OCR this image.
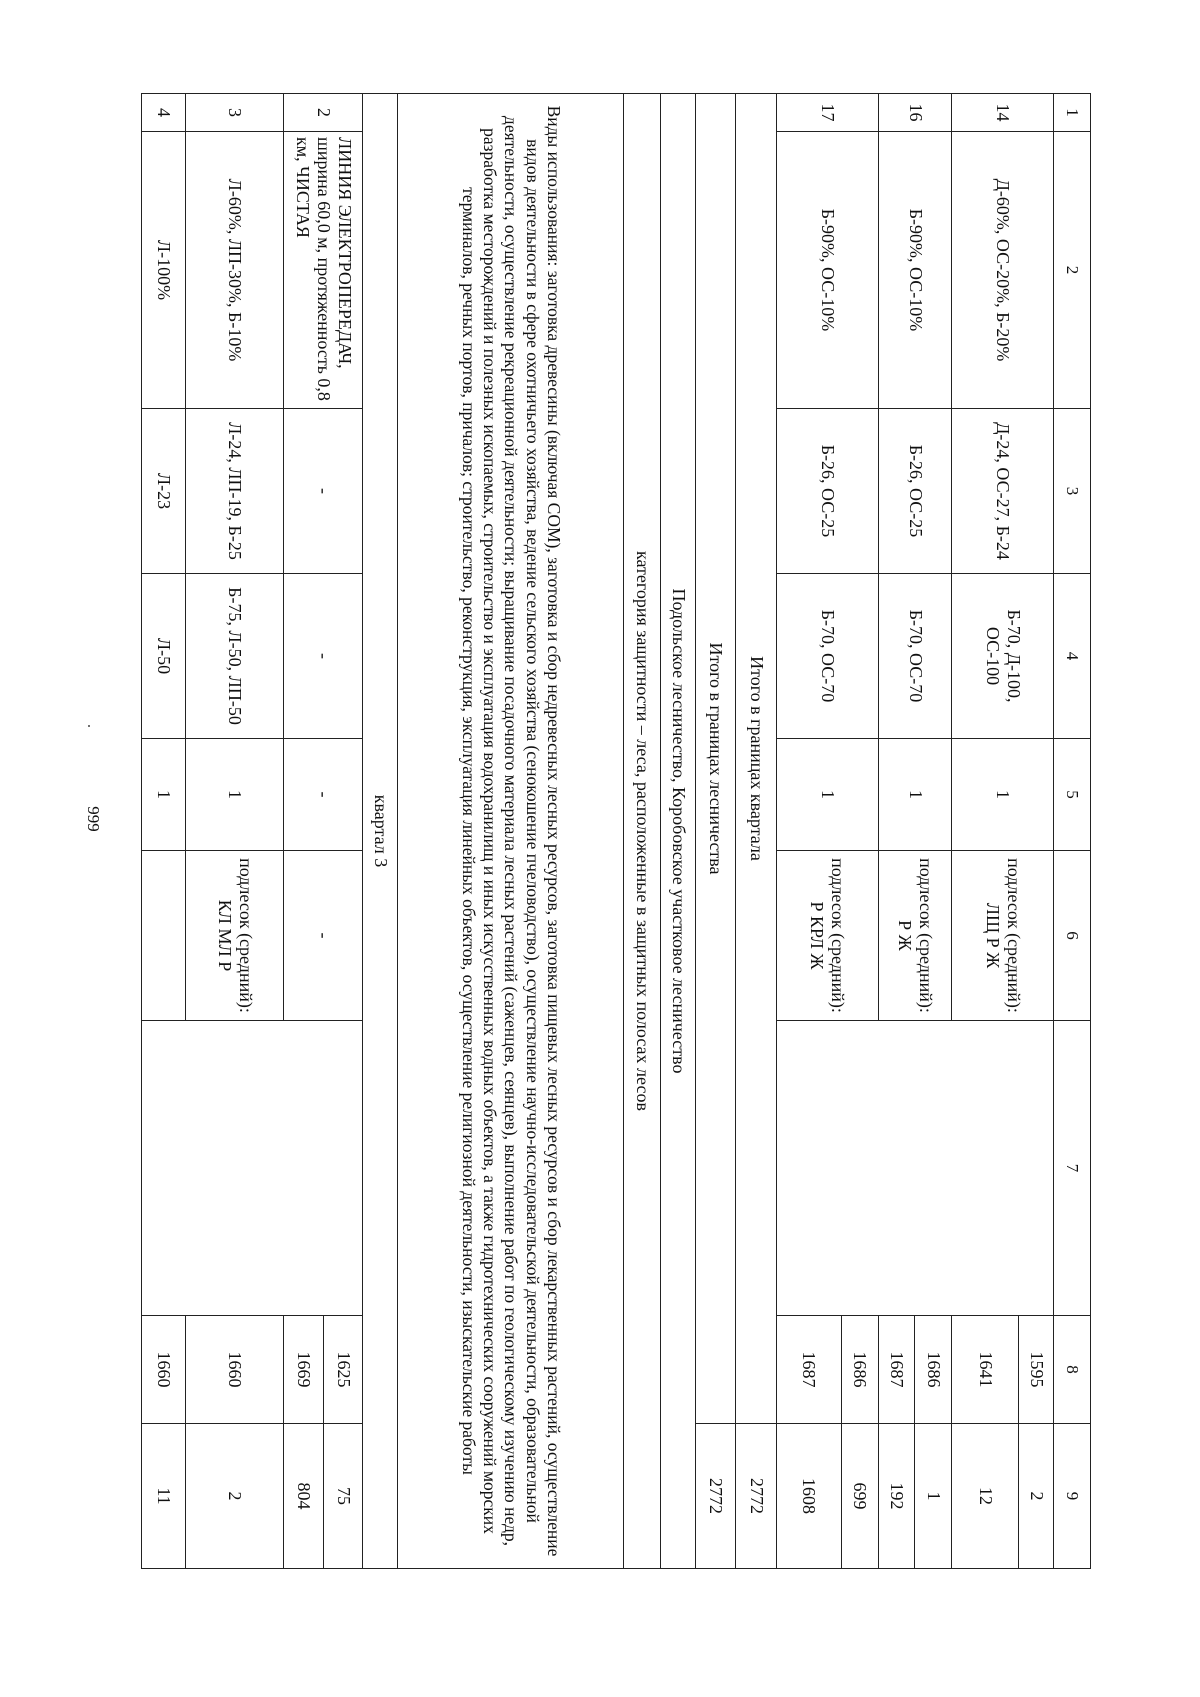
999
1	2	3	4	5	6	7	8	9
14	Д-60%, ОС-20%, Б-20%	Д-24, ОС-27, Б-24	Б-70, Д-100, ОС-100	1	подлесок (средний): ЛЩ Р Ж		1595	2
							1641	12
16	Б-90%, ОС-10%	Б-26, ОС-25	Б-70, ОС-70	1	подлесок (средний): Р Ж		1686	1
							1687	192
17	Б-90%, ОС-10%	Б-26, ОС-25	Б-70, ОС-70	1	подлесок (средний): Р КРЛ Ж		1686	699
							1687	1608
Итого в границах квартала								2772
Итого в границах лесничества								2772
Подольское лесничество, Коробовское участковое лесничество								
категория защитности – леса, расположенные в защитных полосах лесов								
Виды использования: заготовка древесины (включая СОМ), заготовка и сбор недревесных лесных ресурсов, заготовка пищевых лесных ресурсов и сбор лекарственных растений, осуществление видов деятельности в сфере охотничьего хозяйства, ведение сельского хозяйства (сенокошение пчеловодство), осуществление научно-исследовательской деятельности, образовательной деятельности, осуществление рекреационной деятельности; выращивание посадочного материала лесных растений (саженцев, сеянцев), выполнение работ по геологическому изучению недр, разработка месторождений и полезных ископаемых, строительство и эксплуатация водохранилищ и иных искусственных водных объектов, а также гидротехнических сооружений морских терминалов, речных портов, причалов; строительство, реконструкция, эксплуатация линейных объектов, осуществление религиозной деятельности, изыскательские работы								
квартал 3								
2	ЛИНИЯ ЭЛЕКТРОПЕРЕДАЧ, ширина 60,0 м, протяженность 0,8 км, ЧИСТАЯ	-	-	-	-		1625	75
							1669	804
3	Л-60%, ЛП-30%, Б-10%	Л-24, ЛП-19, Б-25	Б-75, Л-50, ЛП-50	1	подлесок (средний): КЛ МЛ Р		1660	2
4	Л-100%	Л-23	Л-50	1			1660	11
